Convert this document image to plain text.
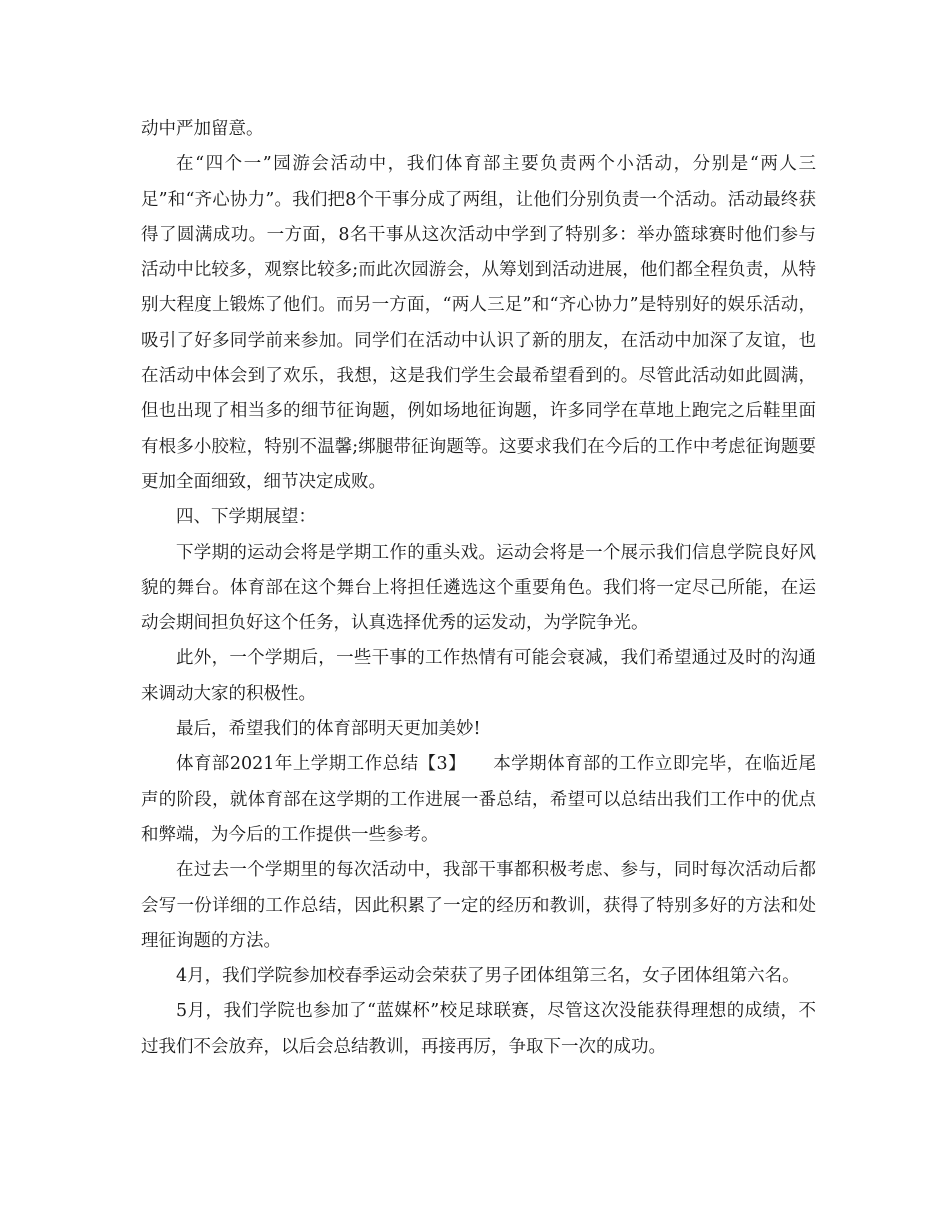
动中严加留意。

在“四个一”园游会活动中，我们体育部主要负责两个小活动，分别是“两人三足”和“齐心协力”。我们把8个干事分成了两组，让他们分别负责一个活动。活动最终获得了圆满成功。一方面，8名干事从这次活动中学到了特别多：举办篮球赛时他们参与活动中比较多，观察比较多;而此次园游会，从筹划到活动进展，他们都全程负责，从特别大程度上锻炼了他们。而另一方面，“两人三足”和“齐心协力”是特别好的娱乐活动，吸引了好多同学前来参加。同学们在活动中认识了新的朋友，在活动中加深了友谊，也在活动中体会到了欢乐，我想，这是我们学生会最希望看到的。尽管此活动如此圆满，但也出现了相当多的细节征询题，例如场地征询题，许多同学在草地上跑完之后鞋里面有根多小胶粒，特别不温馨;绑腿带征询题等。这要求我们在今后的工作中考虑征询题要更加全面细致，细节决定成败。

四、下学期展望：

下学期的运动会将是学期工作的重头戏。运动会将是一个展示我们信息学院良好风貌的舞台。体育部在这个舞台上将担任遴选这个重要角色。我们将一定尽己所能，在运动会期间担负好这个任务，认真选择优秀的运发动，为学院争光。

此外，一个学期后，一些干事的工作热情有可能会衰减，我们希望通过及时的沟通来调动大家的积极性。

最后，希望我们的体育部明天更加美妙!

体育部2021年上学期工作总结【3】　　本学期体育部的工作立即完毕，在临近尾声的阶段，就体育部在这学期的工作进展一番总结，希望可以总结出我们工作中的优点和弊端，为今后的工作提供一些参考。

在过去一个学期里的每次活动中，我部干事都积极考虑、参与，同时每次活动后都会写一份详细的工作总结，因此积累了一定的经历和教训，获得了特别多好的方法和处理征询题的方法。

4月，我们学院参加校春季运动会荣获了男子团体组第三名，女子团体组第六名。

5月，我们学院也参加了“蓝媒杯”校足球联赛，尽管这次没能获得理想的成绩，不过我们不会放弃，以后会总结教训，再接再厉，争取下一次的成功。
